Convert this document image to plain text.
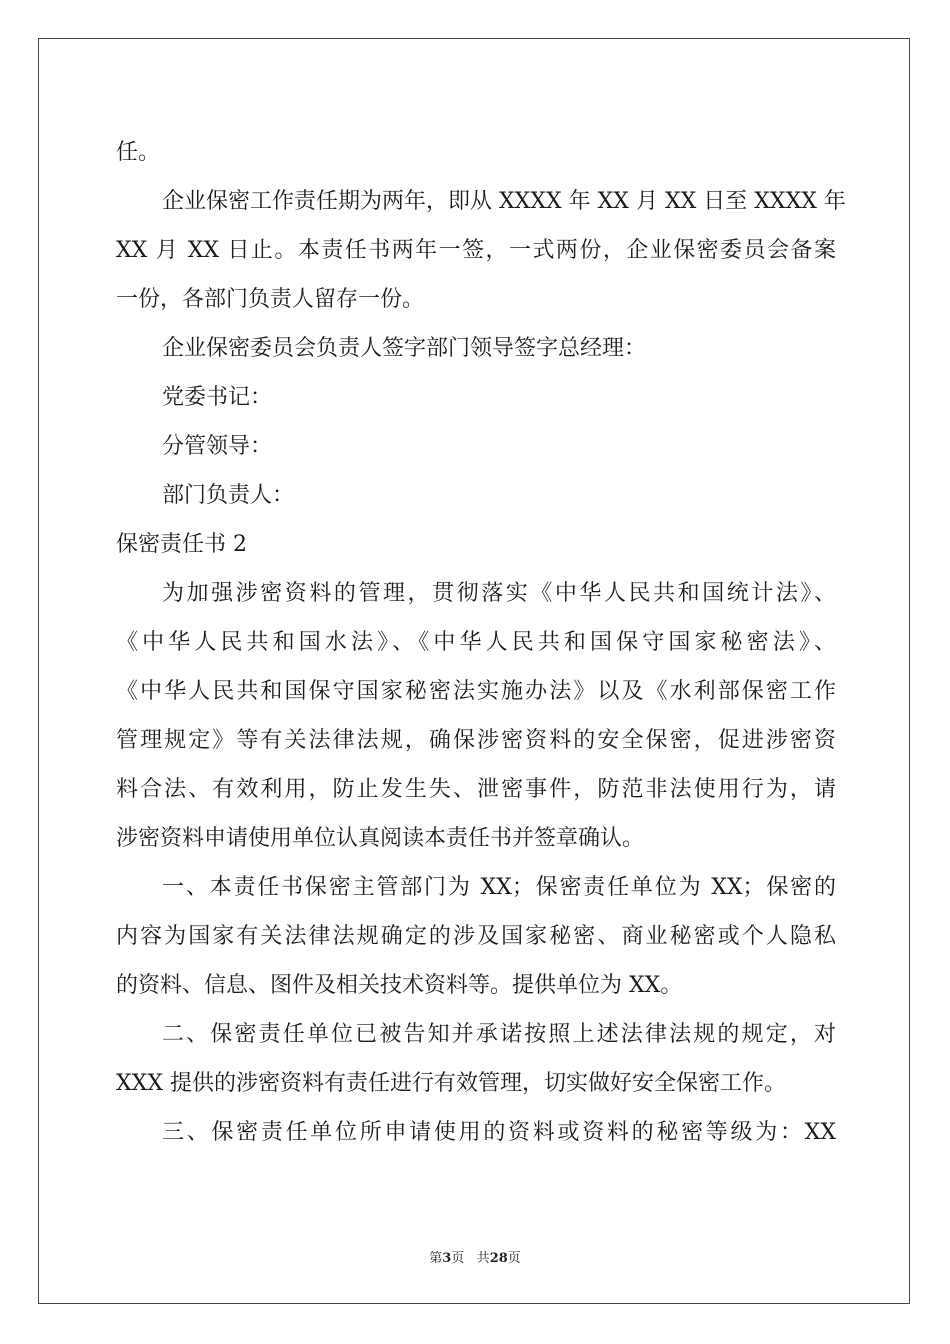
任。
企业保密工作责任期为两年，即从 XXXX 年 XX 月 XX 日至 XXXX 年
XX 月 XX 日止。本责任书两年一签，一式两份，企业保密委员会备案
一份，各部门负责人留存一份。
企业保密委员会负责人签字部门领导签字总经理：
党委书记：
分管领导：
部门负责人：
保密责任书 2
为加强涉密资料的管理，贯彻落实《中华人民共和国统计法》、
《中华人民共和国水法》、《中华人民共和国保守国家秘密法》、
《中华人民共和国保守国家秘密法实施办法》以及《水利部保密工作
管理规定》等有关法律法规，确保涉密资料的安全保密，促进涉密资
料合法、有效利用，防止发生失、泄密事件，防范非法使用行为，请
涉密资料申请使用单位认真阅读本责任书并签章确认。
一、本责任书保密主管部门为 XX；保密责任单位为 XX；保密的
内容为国家有关法律法规确定的涉及国家秘密、商业秘密或个人隐私
的资料、信息、图件及相关技术资料等。提供单位为 XX。
二、保密责任单位已被告知并承诺按照上述法律法规的规定，对
XXX 提供的涉密资料有责任进行有效管理，切实做好安全保密工作。
三、保密责任单位所申请使用的资料或资料的秘密等级为：XX
第3页 共28页
